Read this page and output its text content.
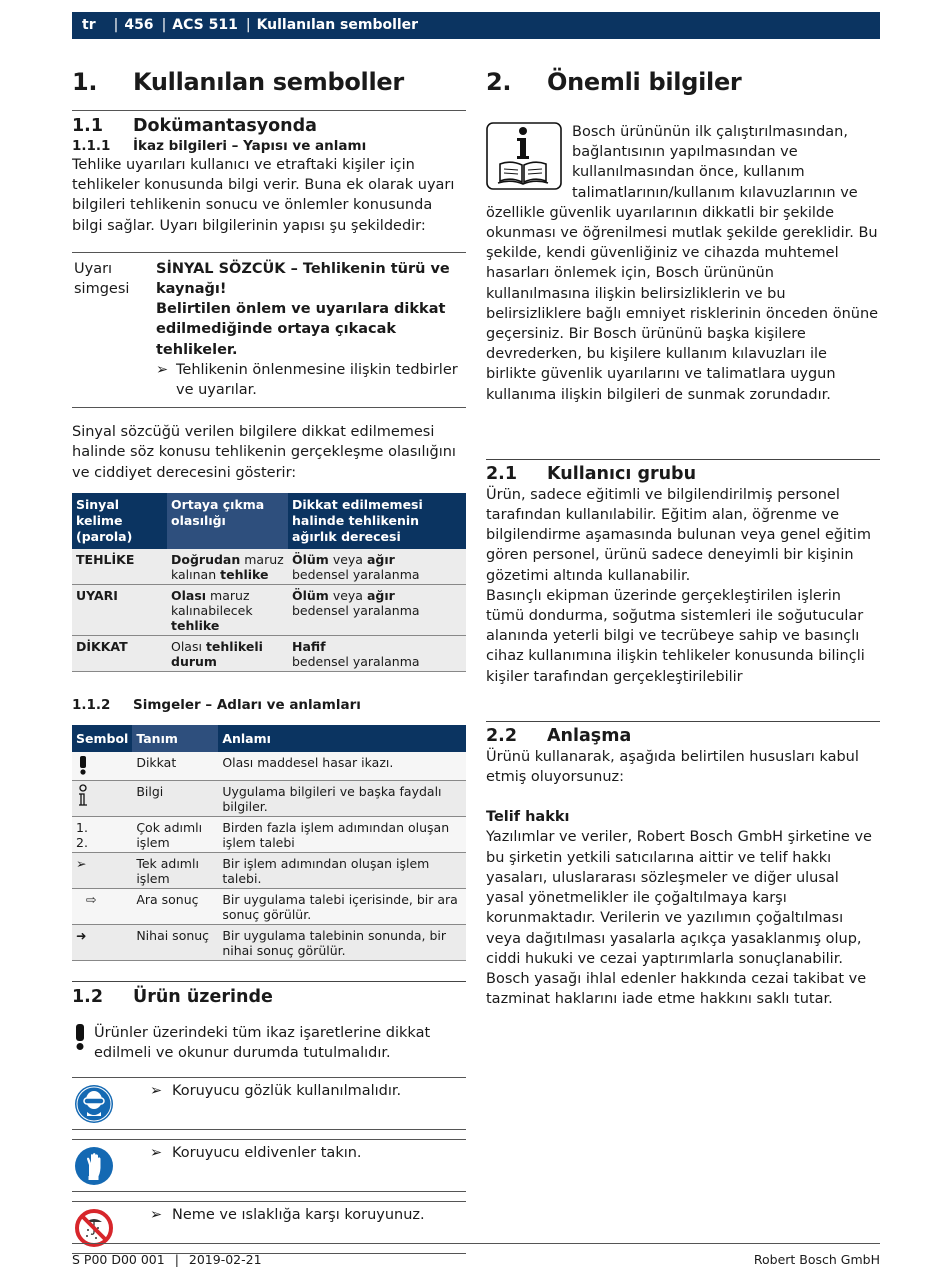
tr | 456 | ACS 511 | Kullanılan semboller
1.	Kullanılan semboller
1.1	Dokümantasyonda
1.1.1	İkaz bilgileri – Yapısı ve anlamı

Tehlike uyarıları kullanıcı ve etraftaki kişiler için tehlikeler konusunda bilgi verir. Buna ek olarak uyarı bilgileri tehlikenin sonucu ve önlemler konusunda bilgi sağlar. Uyarı bilgilerinin yapısı şu şekildedir:

Uyarı simgesi
SİNYAL SÖZCÜK – Tehlikenin türü ve kaynağı!
Belirtilen önlem ve uyarılara dikkat edilmediğinde ortaya çıkacak tehlikeler.
➢ Tehlikenin önlenmesine ilişkin tedbirler ve uyarılar.

Sinyal sözcüğü verilen bilgilere dikkat edilmemesi halinde söz konusu tehlikenin gerçekleşme olasılığını ve ciddiyet derecesini gösterir:

Sinyal kelime (parola)	Ortaya çıkma olasılığı	Dikkat edilmemesi halinde tehlikenin ağırlık derecesi
TEHLİKE	Doğrudan maruz kalınan tehlike	Ölüm veya ağır
bedensel yaralanma
UYARI	Olası maruz kalınabilecek tehlike	Ölüm veya ağır
bedensel yaralanma
DİKKAT	Olası tehlikeli durum	Hafif
bedensel yaralanma
1.1.2	Simgeler – Adları ve anlamları
Sembol	Tanım	Anlamı
	Dikkat	Olası maddesel hasar ikazı.
	Bilgi	Uygulama bilgileri ve başka faydalı bilgiler.
1.
2.	Çok adımlı işlem	Birden fazla işlem adımından oluşan işlem talebi
➢	Tek adımlı işlem	Bir işlem adımından oluşan işlem talebi.
⇨	Ara sonuç	Bir uygulama talebi içerisinde, bir ara sonuç görülür.
➜	Nihai sonuç	Bir uygulama talebinin sonunda, bir nihai sonuç görülür.
1.2	Ürün üzerinde

Ürünler üzerindeki tüm ikaz işaretlerine dikkat edilmeli ve okunur durumda tutulmalıdır.

➢ Koruyucu gözlük kullanılmalıdır.
➢ Koruyucu eldivenler takın.
➢ Neme ve ıslaklığa karşı koruyunuz.
2.	Önemli bilgiler

Bosch ürününün ilk çalıştırılmasından, bağlantısının yapılmasından ve kullanılmasından önce, kullanım talimatlarının/kullanım kılavuzlarının ve özellikle güvenlik uyarılarının dikkatli bir şekilde okunması ve öğrenilmesi mutlak şekilde gereklidir. Bu şekilde, kendi güvenliğiniz ve cihazda muhtemel hasarları önlemek için, Bosch ürününün kullanılmasına ilişkin belirsizliklerin ve bu belirsizliklere bağlı emniyet risklerinin önceden önüne geçersiniz. Bir Bosch ürününü başka kişilere devrederken, bu kişilere kullanım kılavuzları ile birlikte güvenlik uyarılarını ve talimatlara uygun kullanıma ilişkin bilgileri de sunmak zorundadır.

2.1	Kullanıcı grubu

Ürün, sadece eğitimli ve bilgilendirilmiş personel tarafından kullanılabilir. Eğitim alan, öğrenme ve bilgilendirme aşamasında bulunan veya genel eğitim gören personel, ürünü sadece deneyimli bir kişinin gözetimi altında kullanabilir.

Basınçlı ekipman üzerinde gerçekleştirilen işlerin tümü dondurma, soğutma sistemleri ile soğutucular alanında yeterli bilgi ve tecrübeye sahip ve basınçlı cihaz kullanımına ilişkin tehlikeler konusunda bilinçli kişiler tarafından gerçekleştirilebilir

2.2	Anlaşma

Ürünü kullanarak, aşağıda belirtilen hususları kabul etmiş oluyorsunuz:

Telif hakkı

Yazılımlar ve veriler, Robert Bosch GmbH şirketine ve bu şirketin yetkili satıcılarına aittir ve telif hakkı yasaları, uluslararası sözleşmeler ve diğer ulusal yasal yönetmelikler ile çoğaltılmaya karşı korunmaktadır. Verilerin ve yazılımın çoğaltılması veya dağıtılması yasalarla açıkça yasaklanmış olup, ciddi hukuki ve cezai yaptırımlarla sonuçlanabilir. Bosch yasağı ihlal edenler hakkında cezai takibat ve tazminat haklarını iade etme hakkını saklı tutar.

S P00 D00 001 | 2019-02-21	Robert Bosch GmbH
